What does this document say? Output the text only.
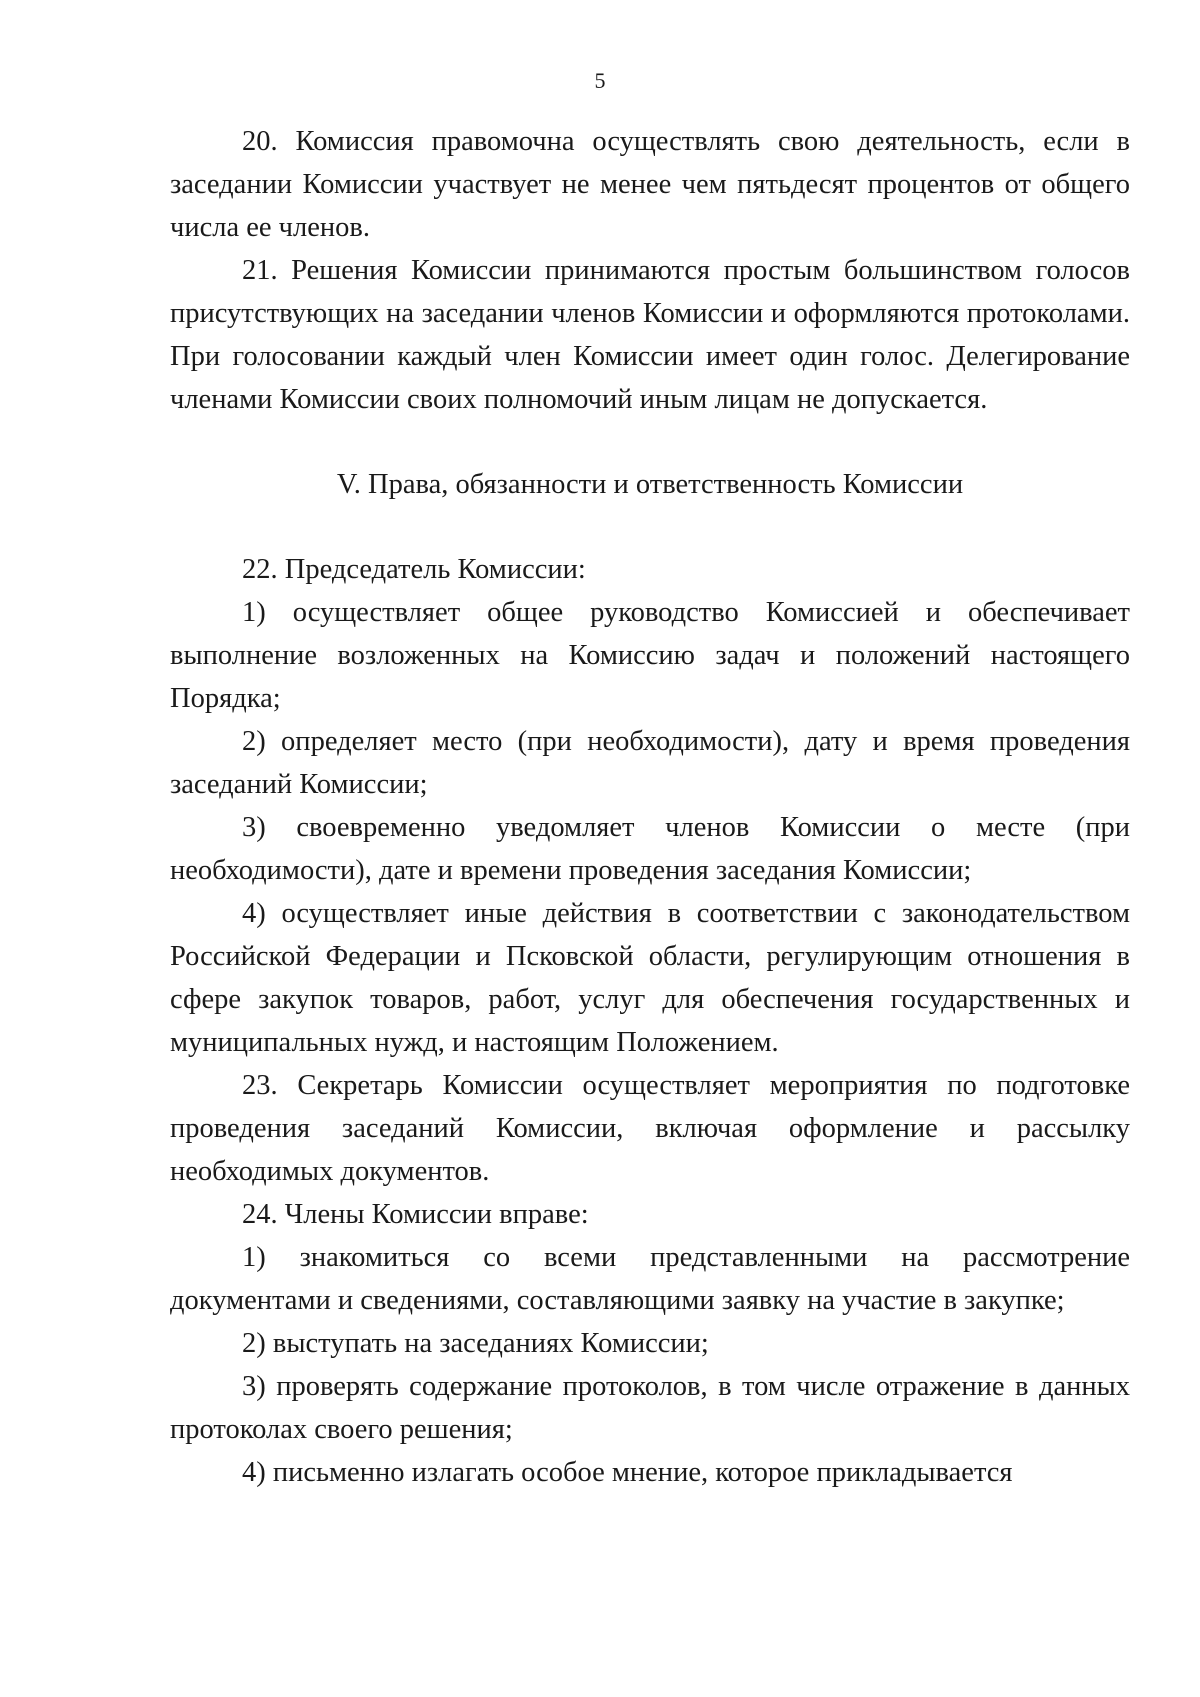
5

20. Комиссия правомочна осуществлять свою деятельность, если в заседании Комиссии участвует не менее чем пятьдесят процентов от общего числа ее членов.

21. Решения Комиссии принимаются простым большинством голосов присутствующих на заседании членов Комиссии и оформляются протоколами. При голосовании каждый член Комиссии имеет один голос. Делегирование членами Комиссии своих полномочий иным лицам не допускается.

V. Права, обязанности и ответственность Комиссии

22. Председатель Комиссии:

1) осуществляет общее руководство Комиссией и обеспечивает выполнение возложенных на Комиссию задач и положений настоящего Порядка;

2) определяет место (при необходимости), дату и время проведения заседаний Комиссии;

3) своевременно уведомляет членов Комиссии о месте (при необходимости), дате и времени проведения заседания Комиссии;

4) осуществляет иные действия в соответствии с законодательством Российской Федерации и Псковской области, регулирующим отношения в сфере закупок товаров, работ, услуг для обеспечения государственных и муниципальных нужд, и настоящим Положением.

23. Секретарь Комиссии осуществляет мероприятия по подготовке проведения заседаний Комиссии, включая оформление и рассылку необходимых документов.

24. Члены Комиссии вправе:

1) знакомиться со всеми представленными на рассмотрение документами и сведениями, составляющими заявку на участие в закупке;

2) выступать на заседаниях Комиссии;

3) проверять содержание протоколов, в том числе отражение в данных протоколах своего решения;

4) письменно излагать особое мнение, которое прикладывается
